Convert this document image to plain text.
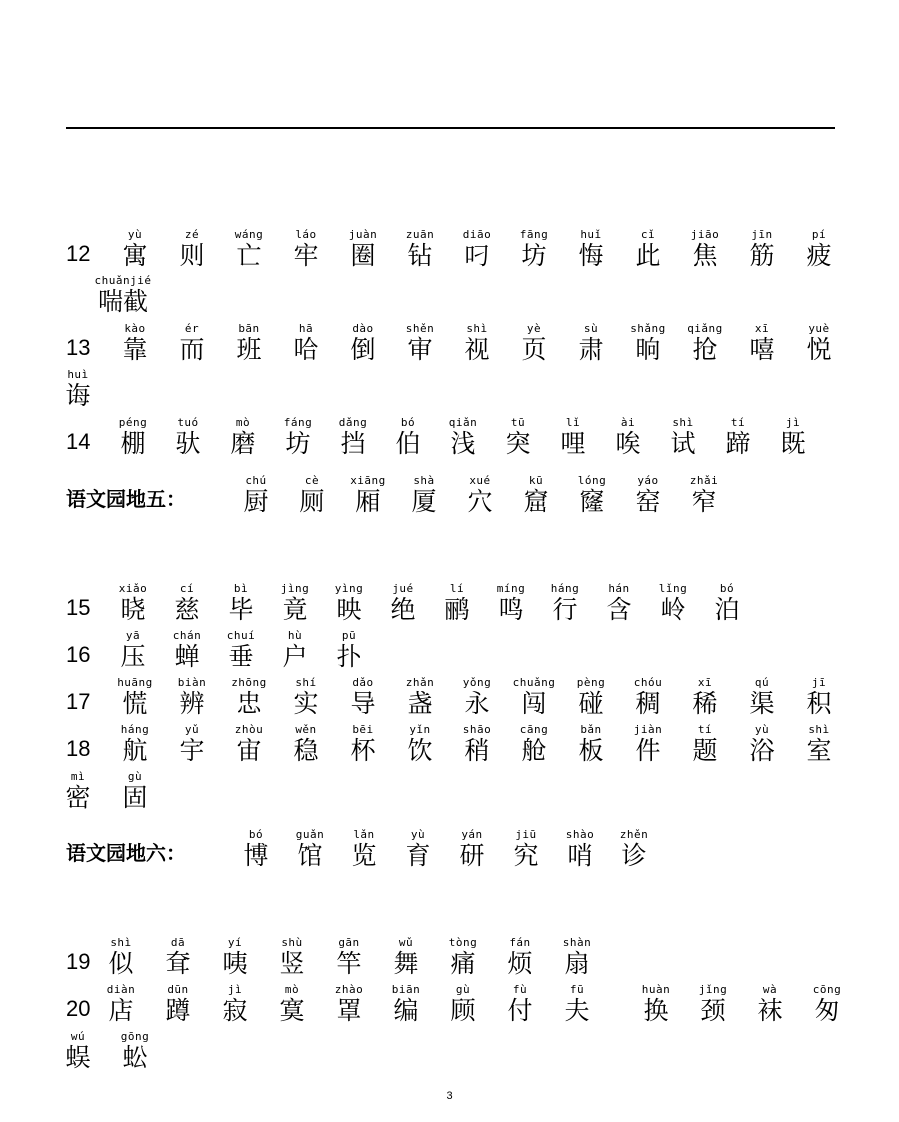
12
yù
寓
zé
则
wáng
亡
láo
牢
juàn
圈
zuān
钻
diāo
叼
fāng
坊
huǐ
悔
cǐ
此
jiāo
焦
jīn
筋
pí
疲
chuǎnjié
喘截
13
kào
靠
ér
而
bān
班
hā
哈
dào
倒
shěn
审
shì
视
yè
页
sù
肃
shǎng
晌
qiǎng
抢
xī
嘻
yuè
悦
huì
诲
14
péng
棚
tuó
驮
mò
磨
fáng
坊
dǎng
挡
bó
伯
qiǎn
浅
tū
突
lǐ
哩
ài
唉
shì
试
tí
蹄
jì
既
语文园地五：
chú
厨
cè
厕
xiāng
厢
shà
厦
xué
穴
kū
窟
lóng
窿
yáo
窑
zhǎi
窄
15
xiǎo
晓
cí
慈
bì
毕
jìng
竟
yìng
映
jué
绝
lí
鹂
míng
鸣
háng
行
hán
含
lǐng
岭
bó
泊
16
yā
压
chán
蝉
chuí
垂
hù
户
pū
扑
17
huāng
慌
biàn
辨
zhōng
忠
shí
实
dǎo
导
zhǎn
盏
yǒng
永
chuǎng
闯
pèng
碰
chóu
稠
xī
稀
qú
渠
jī
积
18
háng
航
yǔ
宇
zhòu
宙
wěn
稳
bēi
杯
yǐn
饮
shāo
稍
cāng
舱
bǎn
板
jiàn
件
tí
题
yù
浴
shì
室
mì
密
gù
固
语文园地六：
bó
博
guǎn
馆
lǎn
览
yù
育
yán
研
jiū
究
shào
哨
zhěn
诊
19
shì
似
dā
耷
yí
咦
shù
竖
gān
竿
wǔ
舞
tòng
痛
fán
烦
shàn
扇
20
diàn
店
dūn
蹲
jì
寂
mò
寞
zhào
罩
biān
编
gù
顾
fù
付
fū
夫
huàn
换
jǐng
颈
wà
袜
cōng
匆
wú
蜈
gōng
蚣
3
